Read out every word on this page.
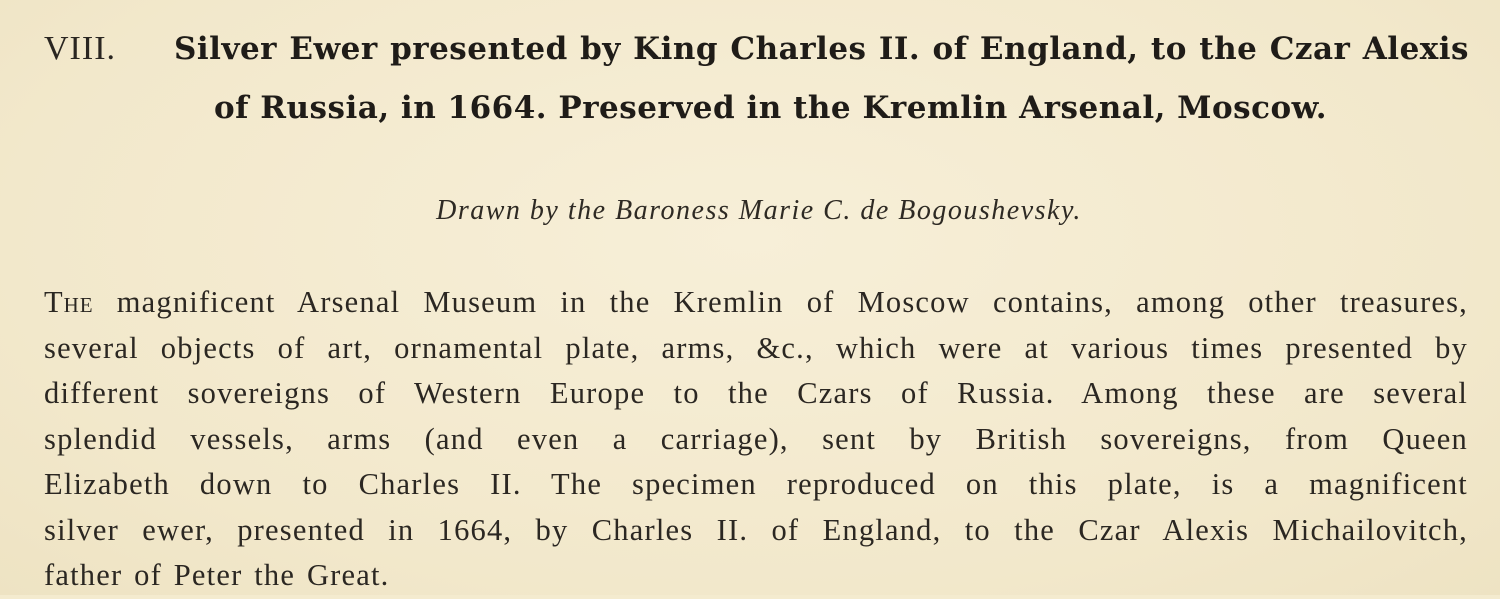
VIII.	Silver Ewer presented by King Charles II. of England, to the Czar Alexis
of Russia, in 1664. Preserved in the Kremlin Arsenal, Moscow.
Drawn by the Baroness Marie C. de Bogoushevsky.
The magnificent Arsenal Museum in the Kremlin of Moscow contains, among other treasures,
several objects of art, ornamental plate, arms, &c., which were at various times presented by
different sovereigns of Western Europe to the Czars of Russia. Among these are several
splendid vessels, arms (and even a carriage), sent by British sovereigns, from Queen
Elizabeth down to Charles II. The specimen reproduced on this plate, is a magnificent
silver ewer, presented in 1664, by Charles II. of England, to the Czar Alexis Michailovitch,
father of Peter the Great.
